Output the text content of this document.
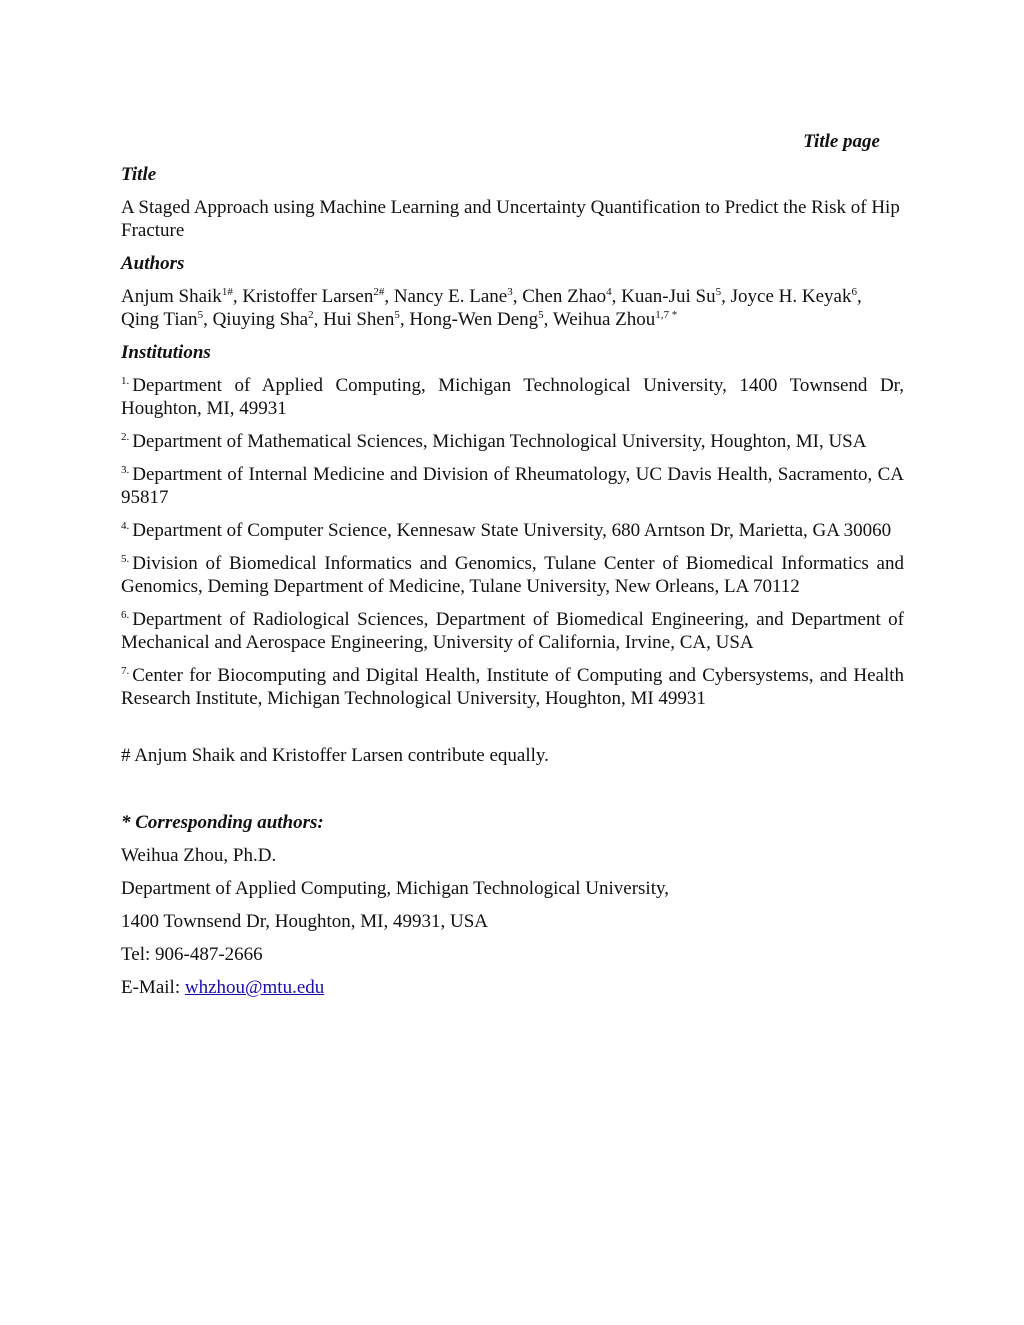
Title page
Title
A Staged Approach using Machine Learning and Uncertainty Quantification to Predict the Risk of Hip Fracture
Authors
Anjum Shaik$^{1\#}$, Kristoffer Larsen$^{2\#}$, Nancy E. Lane$^3$, Chen Zhao$^4$, Kuan-Jui Su$^5$, Joyce H. Keyak$^6$, Qing Tian$^5$, Qiuying Sha$^2$, Hui Shen$^5$, Hong-Wen Deng$^5$, Weihua Zhou$^{1,7 *}$
Institutions
$^{1.}$ Department of Applied Computing, Michigan Technological University, 1400 Townsend Dr, Houghton, MI, 49931
$^{2.}$ Department of Mathematical Sciences, Michigan Technological University, Houghton, MI, USA
$^{3.}$ Department of Internal Medicine and Division of Rheumatology, UC Davis Health, Sacramento, CA 95817
$^{4.}$ Department of Computer Science, Kennesaw State University, 680 Arntson Dr, Marietta, GA 30060
$^{5.}$ Division of Biomedical Informatics and Genomics, Tulane Center of Biomedical Informatics and Genomics, Deming Department of Medicine, Tulane University, New Orleans, LA 70112
$^{6.}$ Department of Radiological Sciences, Department of Biomedical Engineering, and Department of Mechanical and Aerospace Engineering, University of California, Irvine, CA, USA
$^{7.}$ Center for Biocomputing and Digital Health, Institute of Computing and Cybersystems, and Health Research Institute, Michigan Technological University, Houghton, MI 49931
# Anjum Shaik and Kristoffer Larsen contribute equally.
* Corresponding authors:
Weihua Zhou, Ph.D.
Department of Applied Computing, Michigan Technological University,
1400 Townsend Dr, Houghton, MI, 49931, USA
Tel: 906-487-2666
E-Mail: whzhou@mtu.edu
